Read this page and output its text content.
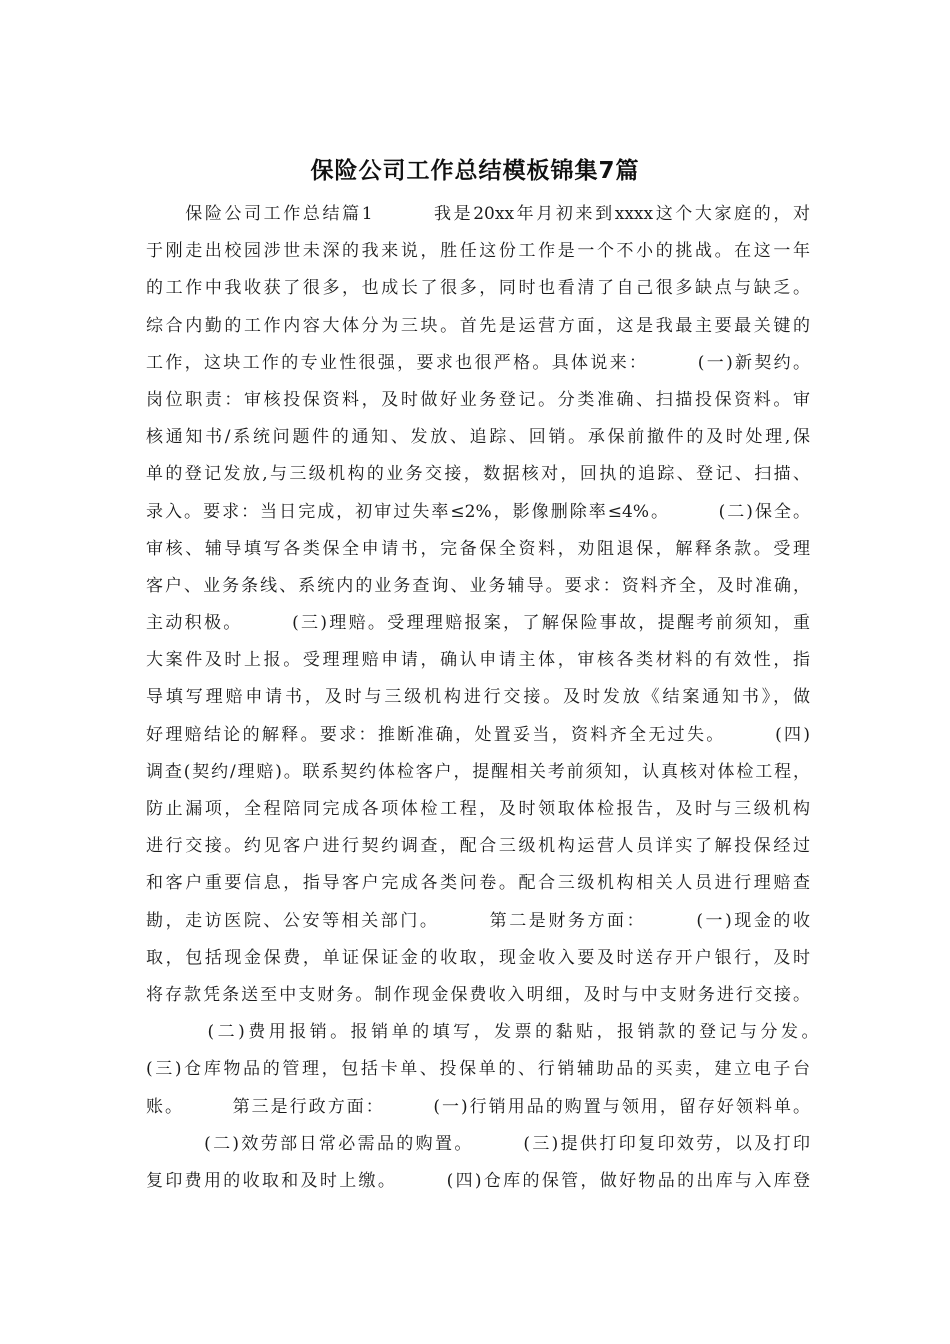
保险公司工作总结模板锦集7篇
　　保险公司工作总结篇1　　　我是20xx年月初来到xxxx这个大家庭的，对
于刚走出校园涉世未深的我来说，胜任这份工作是一个不小的挑战。在这一年
的工作中我收获了很多，也成长了很多，同时也看清了自己很多缺点与缺乏。
综合内勤的工作内容大体分为三块。首先是运营方面，这是我最主要最关键的
工作，这块工作的专业性很强，要求也很严格。具体说来：　　　(一)新契约。
岗位职责：审核投保资料，及时做好业务登记。分类准确、扫描投保资料。审
核通知书/系统问题件的通知、发放、追踪、回销。承保前撤件的及时处理,保
单的登记发放,与三级机构的业务交接，数据核对，回执的追踪、登记、扫描、
录入。要求：当日完成，初审过失率≤2%，影像删除率≤4%。　　　(二)保全。
审核、辅导填写各类保全申请书，完备保全资料，劝阻退保，解释条款。受理
客户、业务条线、系统内的业务查询、业务辅导。要求：资料齐全，及时准确，
主动积极。　　　(三)理赔。受理理赔报案，了解保险事故，提醒考前须知，重
大案件及时上报。受理理赔申请，确认申请主体，审核各类材料的有效性，指
导填写理赔申请书，及时与三级机构进行交接。及时发放《结案通知书》，做
好理赔结论的解释。要求：推断准确，处置妥当，资料齐全无过失。　　　(四)
调查(契约/理赔)。联系契约体检客户，提醒相关考前须知，认真核对体检工程，
防止漏项，全程陪同完成各项体检工程，及时领取体检报告，及时与三级机构
进行交接。约见客户进行契约调查，配合三级机构运营人员详实了解投保经过
和客户重要信息，指导客户完成各类问卷。配合三级机构相关人员进行理赔查
勘，走访医院、公安等相关部门。　　　第二是财务方面：　　　(一)现金的收
取，包括现金保费，单证保证金的收取，现金收入要及时送存开户银行，及时
将存款凭条送至中支财务。制作现金保费收入明细，及时与中支财务进行交接。
　　　(二)费用报销。报销单的填写，发票的黏贴，报销款的登记与分发。　　　
(三)仓库物品的管理，包括卡单、投保单的、行销辅助品的买卖，建立电子台
账。　　　第三是行政方面：　　　(一)行销用品的购置与领用，留存好领料单。
　　　(二)效劳部日常必需品的购置。　　　(三)提供打印复印效劳，以及打印
复印费用的收取和及时上缴。　　　(四)仓库的保管，做好物品的出库与入库登
